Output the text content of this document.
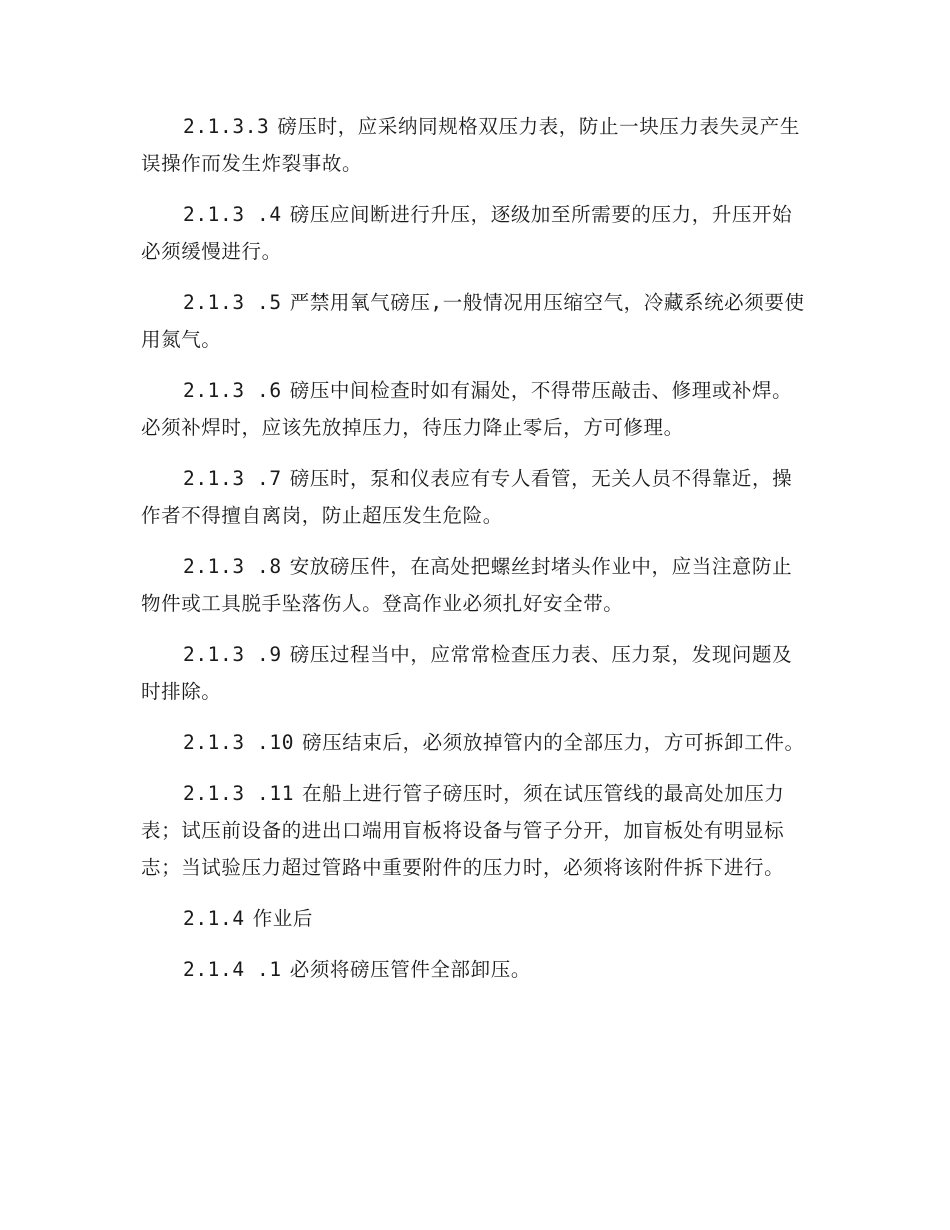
2.1.3.3 磅压时，应采纳同规格双压力表，防止一块压力表失灵产生误操作而发生炸裂事故。

2.1.3 .4 磅压应间断进行升压，逐级加至所需要的压力，升压开始必须缓慢进行。

2.1.3 .5 严禁用氧气磅压,一般情况用压缩空气，冷藏系统必须要使用氮气。

2.1.3 .6 磅压中间检查时如有漏处，不得带压敲击、修理或补焊。必须补焊时，应该先放掉压力，待压力降止零后，方可修理。

2.1.3 .7 磅压时，泵和仪表应有专人看管，无关人员不得靠近，操作者不得擅自离岗，防止超压发生危险。

2.1.3 .8 安放磅压件，在高处把螺丝封堵头作业中，应当注意防止物件或工具脱手坠落伤人。登高作业必须扎好安全带。

2.1.3 .9 磅压过程当中，应常常检查压力表、压力泵，发现问题及时排除。

2.1.3 .10 磅压结束后，必须放掉管内的全部压力，方可拆卸工件。

2.1.3 .11 在船上进行管子磅压时，须在试压管线的最高处加压力表；试压前设备的进出口端用盲板将设备与管子分开，加盲板处有明显标志；当试验压力超过管路中重要附件的压力时，必须将该附件拆下进行。

2.1.4 作业后

2.1.4 .1 必须将磅压管件全部卸压。
